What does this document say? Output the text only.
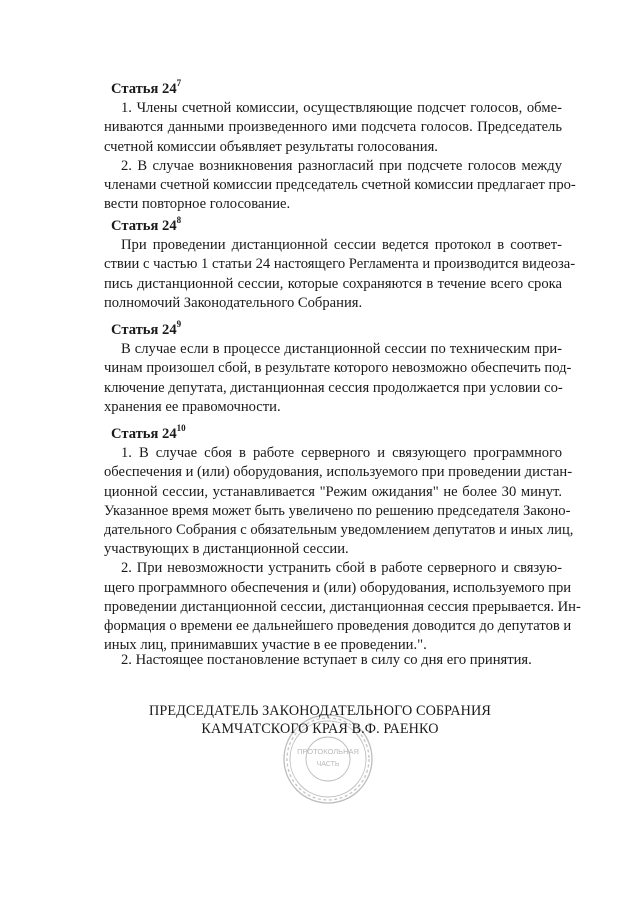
Статья $24^7$
1. Члены счетной комиссии, осуществляющие подсчет голосов, обме-
ниваются данными произведенного ими подсчета голосов. Председатель
счетной комиссии объявляет результаты голосования.
2. В случае возникновения разногласий при подсчете голосов между
членами счетной комиссии председатель счетной комиссии предлагает про-
вести повторное голосование.
Статья $24^8$
При проведении дистанционной сессии ведется протокол в соответ-
ствии с частью 1 статьи 24 настоящего Регламента и производится видеоза-
пись дистанционной сессии, которые сохраняются в течение всего срока
полномочий Законодательного Собрания.
Статья $24^9$
В случае если в процессе дистанционной сессии по техническим при-
чинам произошел сбой, в результате которого невозможно обеспечить под-
ключение депутата, дистанционная сессия продолжается при условии со-
хранения ее правомочности.
Статья $24^{10}$
1. В случае сбоя в работе серверного и связующего программного
обеспечения и (или) оборудования, используемого при проведении дистан-
ционной сессии, устанавливается "Режим ожидания" не более 30 минут.
Указанное время может быть увеличено по решению председателя Законо-
дательного Собрания с обязательным уведомлением депутатов и иных лиц,
участвующих в дистанционной сессии.
2. При невозможности устранить сбой в работе серверного и связую-
щего программного обеспечения и (или) оборудования, используемого при
проведении дистанционной сессии, дистанционная сессия прерывается. Ин-
формация о времени ее дальнейшего проведения доводится до депутатов и
иных лиц, принимавших участие в ее проведении.".
2. Настоящее постановление вступает в силу со дня его принятия.
ПРОТОКОЛЬНАЯ
ЧАСТЬ
ПРЕДСЕДАТЕЛЬ ЗАКОНОДАТЕЛЬНОГО СОБРАНИЯ
КАМЧАТСКОГО КРАЯ В.Ф. РАЕНКО
